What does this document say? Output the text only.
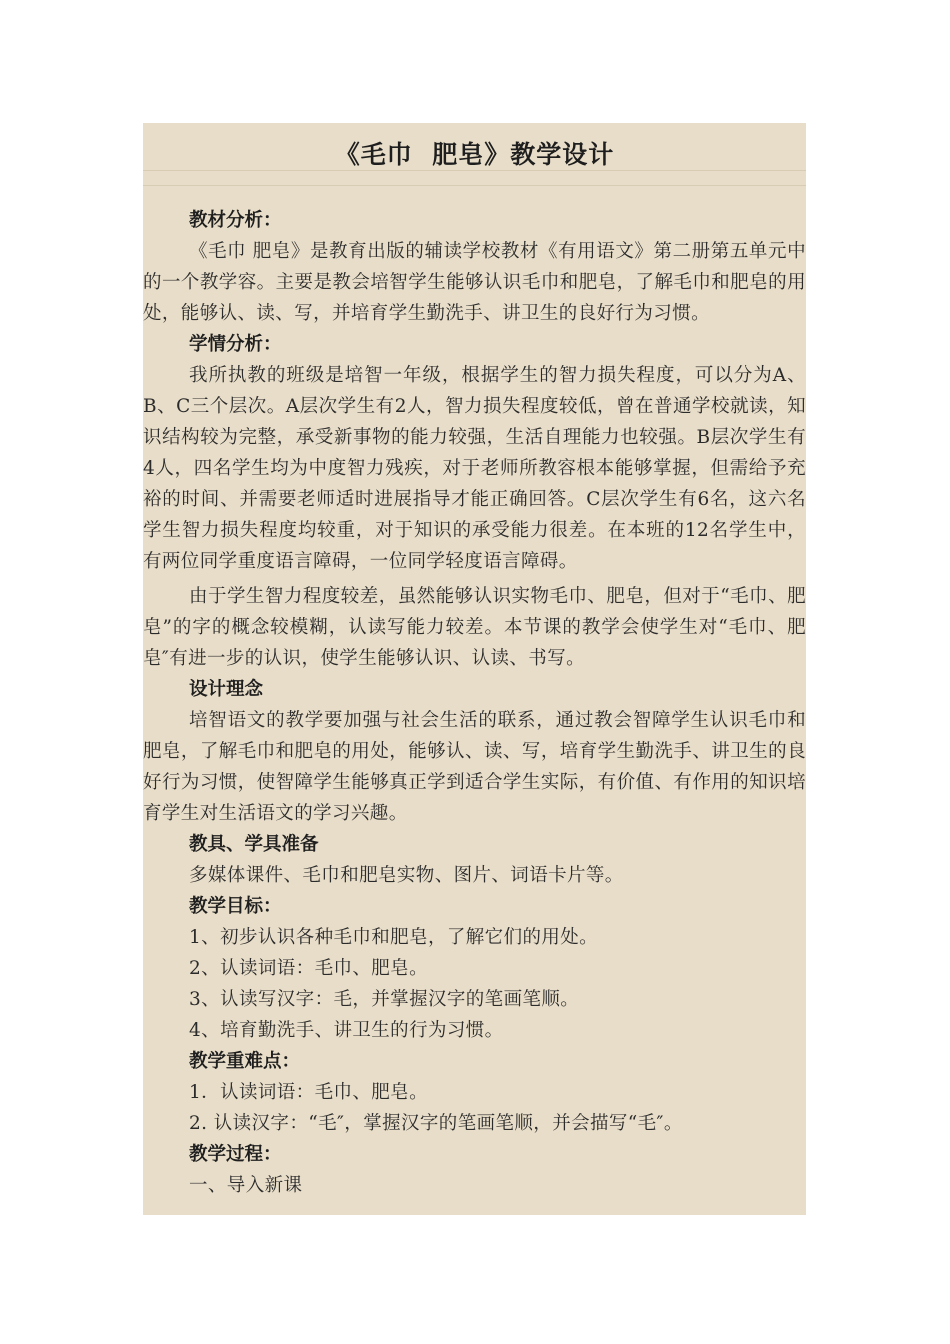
《毛巾  肥皂》教学设计
教材分析：

《毛巾 肥皂》是教育出版的辅读学校教材《有用语文》第二册第五单元中的一个教学容。主要是教会培智学生能够认识毛巾和肥皂，了解毛巾和肥皂的用处，能够认、读、写，并培育学生勤洗手、讲卫生的良好行为习惯。

学情分析：

我所执教的班级是培智一年级，根据学生的智力损失程度，可以分为A、B、C三个层次。A层次学生有2人，智力损失程度较低，曾在普通学校就读，知识结构较为完整，承受新事物的能力较强，生活自理能力也较强。B层次学生有4人，四名学生均为中度智力残疾，对于老师所教容根本能够掌握，但需给予充裕的时间、并需要老师适时进展指导才能正确回答。C层次学生有6名，这六名学生智力损失程度均较重，对于知识的承受能力很差。在本班的12名学生中，有两位同学重度语言障碍，一位同学轻度语言障碍。

由于学生智力程度较差，虽然能够认识实物毛巾、肥皂，但对于“毛巾、肥皂”的字的概念较模糊，认读写能力较差。本节课的教学会使学生对“毛巾、肥皂″有进一步的认识，使学生能够认识、认读、书写。

设计理念

培智语文的教学要加强与社会生活的联系，通过教会智障学生认识毛巾和肥皂，了解毛巾和肥皂的用处，能够认、读、写，培育学生勤洗手、讲卫生的良好行为习惯，使智障学生能够真正学到适合学生实际，有价值、有作用的知识培育学生对生活语文的学习兴趣。

教具、学具准备
多媒体课件、毛巾和肥皂实物、图片、词语卡片等。
教学目标：
1、初步认识各种毛巾和肥皂，了解它们的用处。
2、认读词语：毛巾、肥皂。
3、认读写汉字：毛，并掌握汉字的笔画笔顺。
4、培育勤洗手、讲卫生的行为习惯。
教学重难点：
1．认读词语：毛巾、肥皂。
2. 认读汉字：“毛″，掌握汉字的笔画笔顺，并会描写“毛″。
教学过程：
一、导入新课
